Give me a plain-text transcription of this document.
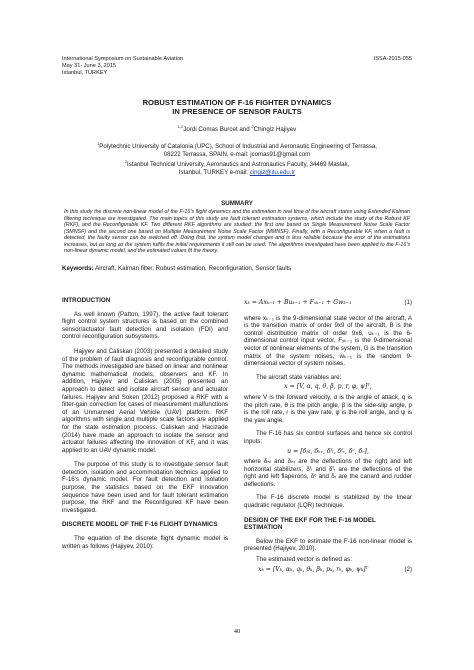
International Symposium on Sustainable Aviation
May 31- June 3, 2015
Istanbul, TURKEY
ISSA-2015-055
ROBUST ESTIMATION OF F-16 FIGHTER DYNAMICS
IN PRESENCE OF SENSOR FAULTS
$^{1,2}$Jordi Comas Burcet and $^2$Chingiz Hajiyev
$^1$Polytechnic University of Catalonia (UPC), School of Industrial and Aeronautic Engineering of Terrassa,
08222 Terrassa, SPAIN, e-mail: jcomas91@gmail.com
$^2$Istanbul Technical University, Aeronautics and Astronautics Faculty, 34469 Maslak,
Istanbul, TURKEY e-mail: cingiz@itu.edu.tr
SUMMARY
In this study the discrete non-linear model of the F-16's flight dynamics and the estimation in real time of the aircraft states using Extended Kalman filtering technique are investigated. The main topics of this study are fault tolerant estimation systems, which include the study of the Robust KF (RKF), and the Reconfigurable KF. Two different RKF algorithms are studied: the first one based on Single Measurement Noise Scale Factor (SMNSF) and the second one based on Multiple Measurement Noise Scale Factor (MMNSF). Finally, with a Reconfigurable KF, when a fault is detected, the faulty sensor can be switched off. Doing that, the system model changes and is less reliable because the error of the estimations increases, but as long as the system fulfils the initial requirements it still can be used. The algorithms investigated have been applied to the F-16's non-linear dynamic model, and the estimated values fit the theory.
Keywords: Aircraft, Kalman filter, Robust estimation, Reconfiguration, Sensor faults
INTRODUCTION

As well known (Patton, 1997), the active fault tolerant flight control system structures is based on the combined sensor/actuator fault detection and isolation (FDI) and control reconfiguration subsystems.

Hajiyev and Caliskan (2003) presented a detailed study of the problem of fault diagnosis and reconfigurable control. The methods investigated are based on linear and nonlinear dynamic mathematical models, observers and KF. In addition, Hajiyev and Caliskan (2005) presented an approach to detect and isolate aircraft sensor and actuator failures. Hajiyev and Soken (2012) proposed a RKF with a filter-gain correction for cases of measurement malfunctions of an Unmanned Aerial Vehicle (UAV) platform. RKF algorithms with single and multiple scale factors are applied for the state estimation process. Caliskan and Hacizade (2014) have made an approach to isolate the sensor and actuator failures affecting the innovation of KF, and it was applied to an UAV dynamic model.

The purpose of this study is to investigate sensor fault detection, isolation and accommodation technics applied to F-16's dynamic model. For fault detection and isolation purpose, the statistics based on the EKF innovation sequence have been used and for fault tolerant estimation purpose, the RKF and the Reconfigured KF have been investigated.

DISCRETE MODEL OF THE F-16 FLIGHT DYNAMICS

The equation of the discrete flight dynamic model is written as follows (Hajiyev, 2010):

xₖ = Axₖ₋₁ + Buₖ₋₁ + Fₓₖ₋₁ + Gwₖ₋₁	(1)

where xₖ₋₁ is the 9-dimensional state vector of the aircraft, A is the transition matrix of order 9x9 of the aircraft, B is the control distribution matrix of order 9x6, uₖ₋₁ is the 6-dimensional control input vector, Fₓₖ₋₁ is the 9-dimensional vector of nonlinear elements of the system, G is the transition matrix of the system noises, wₖ₋₁ is the random 9-dimensional vector of system noises.

The aircraft state variables are:

x = [V, α, q, θ, β, p, r, φ, ψ]ᵀ,

where V is the forward velocity, α is the angle of attack, q is the pitch rate, θ is the pitch angle, β is the side-slip angle, p is the roll rate, r is the yaw rate, φ is the roll angle, and ψ is the yaw angle.

The F-16 has six control surfaces and hence six control inputs:

u = [δₕₗ, δₕᵣ, δᶠₗ, δᶠᵣ, δᶜ, δᵣ],

where δₕₗ and δₕᵣ are the deflections of the right and left horizontal stabilizers, δᶠₗ and δᶠᵣ are the deflections of the right and left flaperons, δᶜ and δᵣ are the canard and rudder deflections.

The F-16 discrete model is stabilized by the linear quadratic regulator (LQR) technique.

DESIGN OF THE EKF FOR THE F-16 MODEL ESTIMATION

Below the EKF to estimate the F-16 non-linear model is presented (Hajiyev, 2010).

The estimated vector is defined as:

xₖ = [Vₖ, αₖ, qₖ, θₖ, βₖ, pₖ, rₖ, φₖ, ψₖ]ᵀ	(2)
40
